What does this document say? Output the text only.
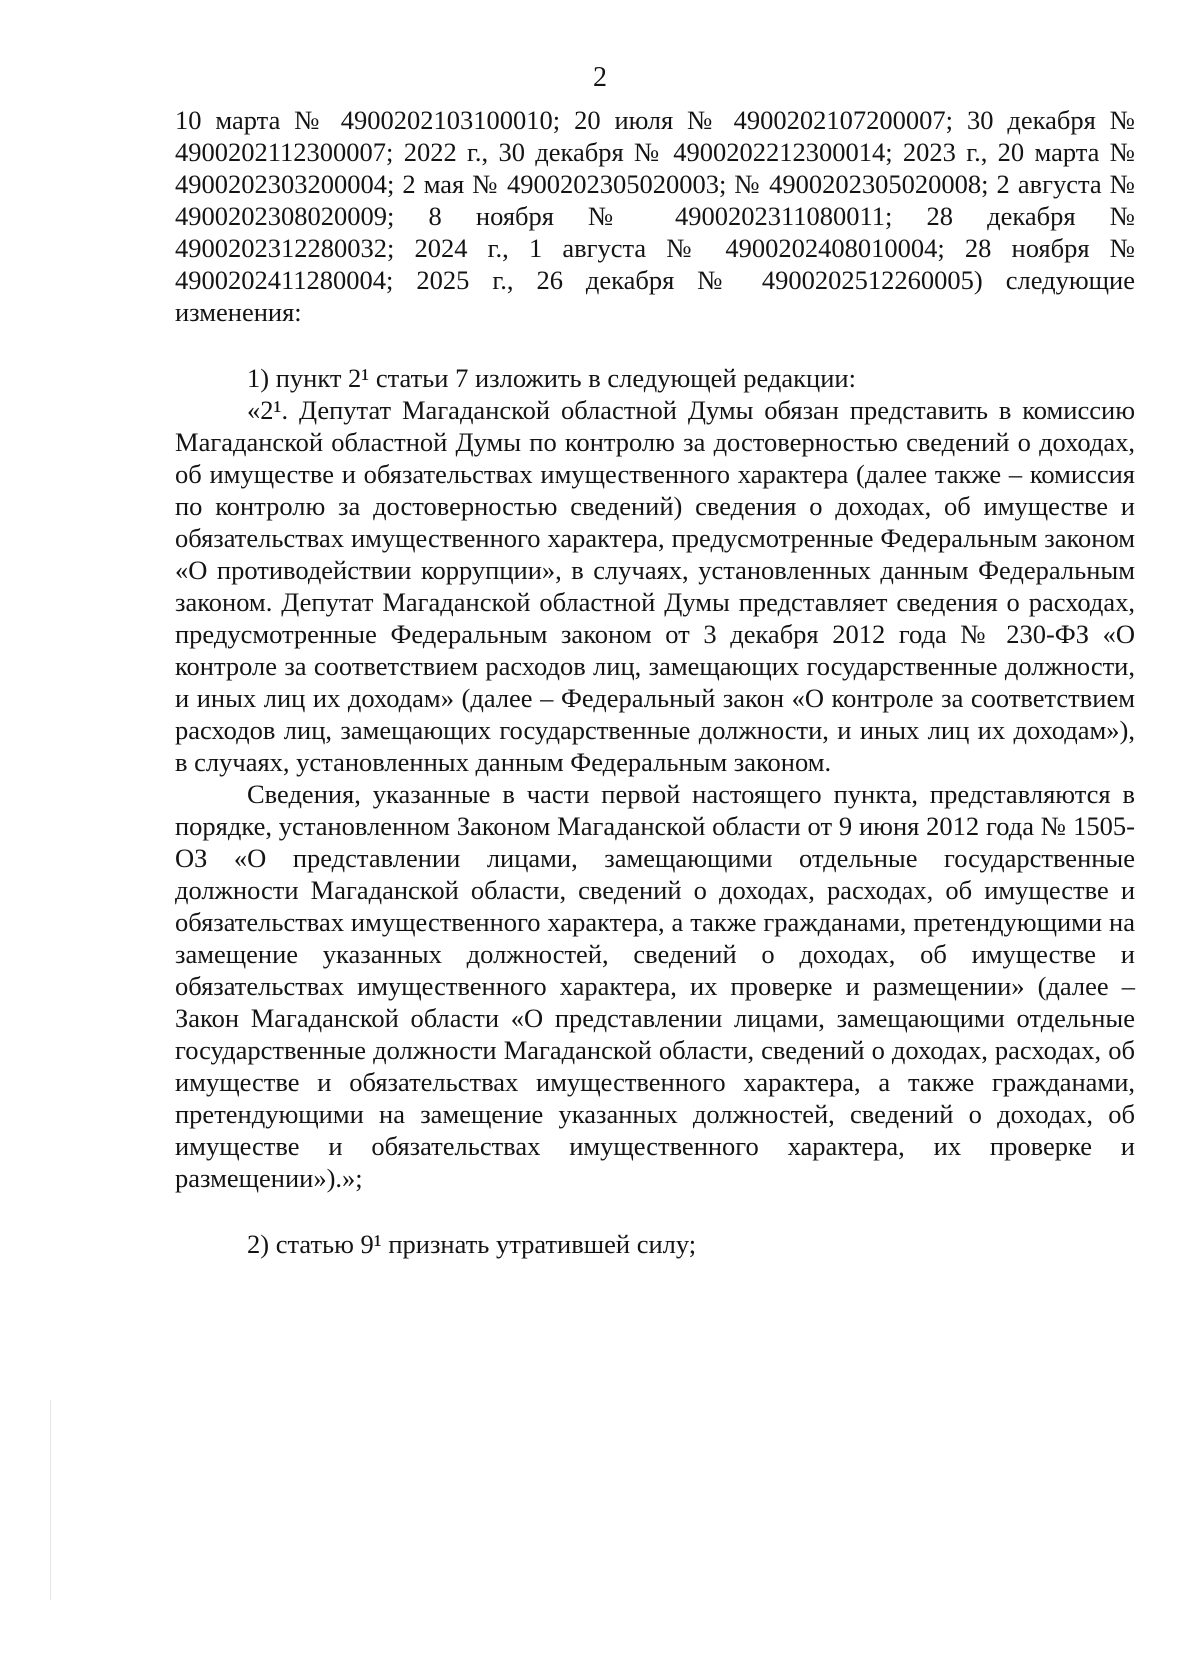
2

10 марта № 4900202103100010; 20 июля № 4900202107200007; 30 декабря № 4900202112300007; 2022 г., 30 декабря № 4900202212300014; 2023 г., 20 марта № 4900202303200004; 2 мая № 4900202305020003; № 4900202305020008; 2 августа № 4900202308020009; 8 ноября № 4900202311080011; 28 декабря № 4900202312280032; 2024 г., 1 августа № 4900202408010004; 28 ноября № 4900202411280004; 2025 г., 26 декабря № 4900202512260005) следующие изменения:

1) пункт 2¹ статьи 7 изложить в следующей редакции:

«2¹. Депутат Магаданской областной Думы обязан представить в комиссию Магаданской областной Думы по контролю за достоверностью сведений о доходах, об имуществе и обязательствах имущественного характера (далее также – комиссия по контролю за достоверностью сведений) сведения о доходах, об имуществе и обязательствах имущественного характера, предусмотренные Федеральным законом «О противодействии коррупции», в случаях, установленных данным Федеральным законом. Депутат Магаданской областной Думы представляет сведения о расходах, предусмотренные Федеральным законом от 3 декабря 2012 года № 230-ФЗ «О контроле за соответствием расходов лиц, замещающих государственные должности, и иных лиц их доходам» (далее – Федеральный закон «О контроле за соответствием расходов лиц, замещающих государственные должности, и иных лиц их доходам»), в случаях, установленных данным Федеральным законом.

Сведения, указанные в части первой настоящего пункта, представляются в порядке, установленном Законом Магаданской области от 9 июня 2012 года № 1505-ОЗ «О представлении лицами, замещающими отдельные государственные должности Магаданской области, сведений о доходах, расходах, об имуществе и обязательствах имущественного характера, а также гражданами, претендующими на замещение указанных должностей, сведений о доходах, об имуществе и обязательствах имущественного характера, их проверке и размещении» (далее – Закон Магаданской области «О представлении лицами, замещающими отдельные государственные должности Магаданской области, сведений о доходах, расходах, об имуществе и обязательствах имущественного характера, а также гражданами, претендующими на замещение указанных должностей, сведений о доходах, об имуществе и обязательствах имущественного характера, их проверке и размещении»).»;

2) статью 9¹ признать утратившей силу;
